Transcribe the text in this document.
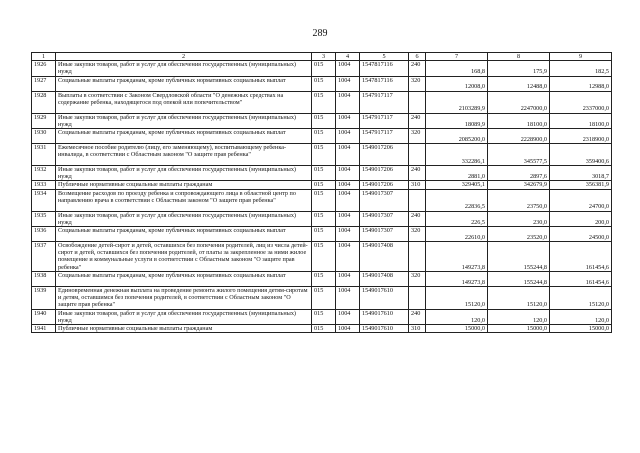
289
1	2	3	4	5	6	7	8	9
1926	Иные закупки товаров, работ и услуг для обеспечения государственных (муниципальных) нужд	015	1004	1547817116	240	168,8	175,9	182,5
1927	Социальные выплаты гражданам, кроме публичных нормативных социальных выплат	015	1004	1547817116	320	12008,0	12488,0	12988,0
1928	Выплаты в соответствии с Законом Свердловской области "О денежных средствах на содержание ребенка, находящегося под опекой или попечительством"	015	1004	1547917117		2103289,9	2247000,0	2337000,0
1929	Иные закупки товаров, работ и услуг для обеспечения государственных (муниципальных) нужд	015	1004	1547917117	240	18089,9	18100,0	18100,0
1930	Социальные выплаты гражданам, кроме публичных нормативных социальных выплат	015	1004	1547917117	320	2085200,0	2228900,0	2318900,0
1931	Ежемесячное пособие родителю (лицу, его заменяющему), воспитывающему ребенка-инвалида, в соответствии с Областным законом "О защите прав ребенка"	015	1004	1549017206		332286,1	345577,5	359400,6
1932	Иные закупки товаров, работ и услуг для обеспечения государственных (муниципальных) нужд	015	1004	1549017206	240	2881,0	2897,6	3018,7
1933	Публичные нормативные социальные выплаты гражданам	015	1004	1549017206	310	329405,1	342679,9	356381,9
1934	Возмещение расходов по проезду ребенка и сопровождающего лица в областной центр по направлению врача в соответствии с Областным законом "О защите прав ребенка"	015	1004	1549017307		22836,5	23750,0	24700,0
1935	Иные закупки товаров, работ и услуг для обеспечения государственных (муниципальных) нужд	015	1004	1549017307	240	226,5	230,0	200,0
1936	Социальные выплаты гражданам, кроме публичных нормативных социальных выплат	015	1004	1549017307	320	22610,0	23520,0	24500,0
1937	Освобождение детей-сирот и детей, оставшихся без попечения родителей, лиц из числа детей-сирот и детей, оставшихся без попечения родителей, от платы за закрепленное за ними жилое помещение и коммунальные услуги в соответствии с Областным законом "О защите прав ребенка"	015	1004	1549017408		149273,8	155244,8	161454,6
1938	Социальные выплаты гражданам, кроме публичных нормативных социальных выплат	015	1004	1549017408	320	149273,8	155244,8	161454,6
1939	Единовременная денежная выплата на проведение ремонта жилого помещения детям-сиротам и детям, оставшимся без попечения родителей, в соответствии с Областным законом "О защите прав ребенка"	015	1004	1549017610		15120,0	15120,0	15120,0
1940	Иные закупки товаров, работ и услуг для обеспечения государственных (муниципальных) нужд	015	1004	1549017610	240	120,0	120,0	120,0
1941	Публичные нормативные социальные выплаты гражданам	015	1004	1549017610	310	15000,0	15000,0	15000,0
